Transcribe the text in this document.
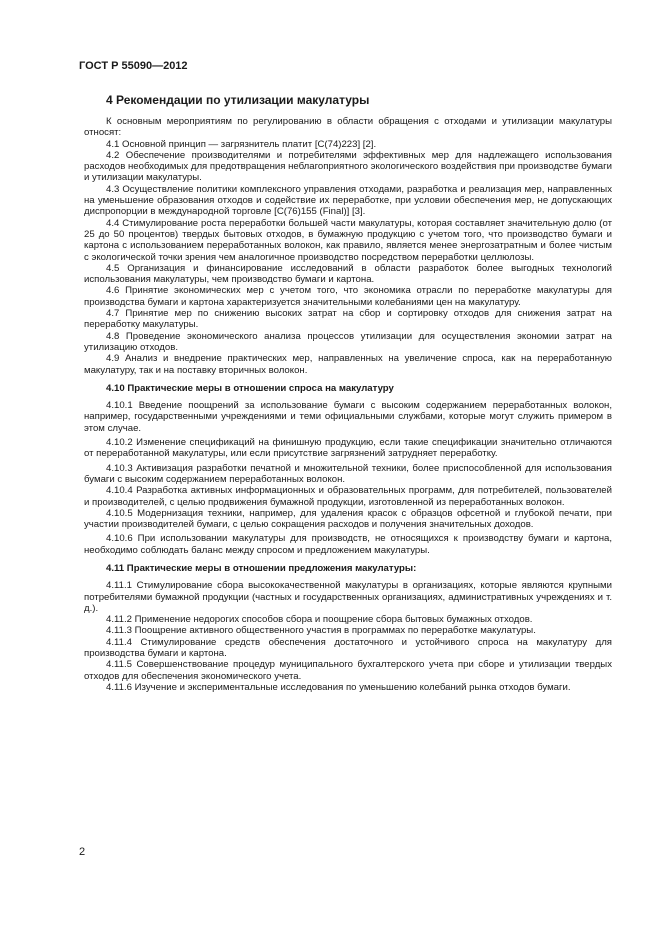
ГОСТ Р 55090—2012
4 Рекомендации по утилизации макулатуры

К основным мероприятиям по регулированию в области обращения с отходами и утилизации макулатуры относят:

4.1 Основной принцип — загрязнитель платит [С(74)223] [2].

4.2 Обеспечение производителями и потребителями эффективных мер для надлежащего использования расходов необходимых для предотвращения неблагоприятного экологического воздействия при производстве бумаги и утилизации макулатуры.

4.3 Осуществление политики комплексного управления отходами, разработка и реализация мер, направленных на уменьшение образования отходов и содействие их переработке, при условии обеспечения мер, не допускающих диспропорции в международной торговле [С(76)155 (Final)] [3].

4.4 Стимулирование роста переработки большей части макулатуры, которая составляет значительную долю (от 25 до 50 процентов) твердых бытовых отходов, в бумажную продукцию с учетом того, что производство бумаги и картона с использованием переработанных волокон, как правило, является менее энергозатратным и более чистым с экологической точки зрения чем аналогичное производство посредством переработки целлюлозы.

4.5 Организация и финансирование исследований в области разработок более выгодных технологий использования макулатуры, чем производство бумаги и картона.

4.6 Принятие экономических мер с учетом того, что экономика отрасли по переработке макулатуры для производства бумаги и картона характеризуется значительными колебаниями цен на макулатуру.

4.7 Принятие мер по снижению высоких затрат на сбор и сортировку отходов для снижения затрат на переработку макулатуры.

4.8 Проведение экономического анализа процессов утилизации для осуществления экономии затрат на утилизацию отходов.

4.9 Анализ и внедрение практических мер, направленных на увеличение спроса, как на переработанную макулатуру, так и на поставку вторичных волокон.

4.10 Практические меры в отношении спроса на макулатуру

4.10.1 Введение поощрений за использование бумаги с высоким содержанием переработанных волокон, например, государственными учреждениями и теми официальными службами, которые могут служить примером в этом случае.

4.10.2 Изменение спецификаций на финишную продукцию, если такие спецификации значительно отличаются от переработанной макулатуры, или если присутствие загрязнений затрудняет переработку.

4.10.3 Активизация разработки печатной и множительной техники, более приспособленной для использования бумаги с высоким содержанием переработанных волокон.

4.10.4 Разработка активных информационных и образовательных программ, для потребителей, пользователей и производителей, с целью продвижения бумажной продукции, изготовленной из переработанных волокон.

4.10.5 Модернизация техники, например, для удаления красок с образцов офсетной и глубокой печати, при участии производителей бумаги, с целью сокращения расходов и получения значительных доходов.

4.10.6 При использовании макулатуры для производств, не относящихся к производству бумаги и картона, необходимо соблюдать баланс между спросом и предложением макулатуры.

4.11 Практические меры в отношении предложения макулатуры:

4.11.1 Стимулирование сбора высококачественной макулатуры в организациях, которые являются крупными потребителями бумажной продукции (частных и государственных организациях, административных учреждениях и т. д.).

4.11.2 Применение недорогих способов сбора и поощрение сбора бытовых бумажных отходов.

4.11.3 Поощрение активного общественного участия в программах по переработке макулатуры.

4.11.4 Стимулирование средств обеспечения достаточного и устойчивого спроса на макулатуру для производства бумаги и картона.

4.11.5 Совершенствование процедур муниципального бухгалтерского учета при сборе и утилизации твердых отходов для обеспечения экономического учета.

4.11.6 Изучение и экспериментальные исследования по уменьшению колебаний рынка отходов бумаги.

2
